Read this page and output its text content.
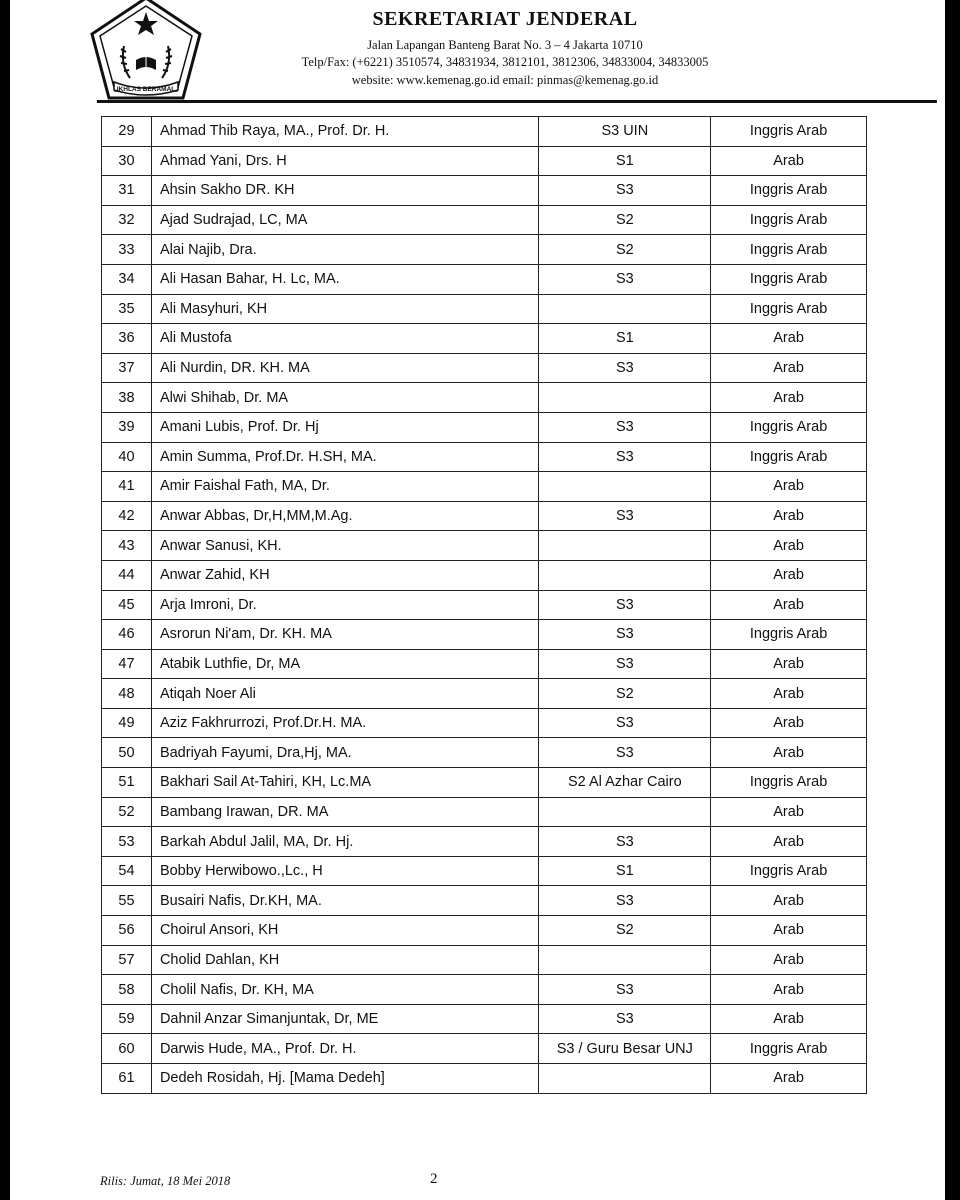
IKHLAS BERAMAL
SEKRETARIAT JENDERAL
Jalan Lapangan Banteng Barat No. 3 – 4 Jakarta 10710
Telp/Fax: (+6221) 3510574, 34831934, 3812101, 3812306, 34833004, 34833005
website: www.kemenag.go.id email: pinmas@kemenag.go.id
29	Ahmad Thib Raya, MA., Prof. Dr. H.	S3 UIN	Inggris Arab
30	Ahmad Yani, Drs. H	S1	Arab
31	Ahsin Sakho DR. KH	S3	Inggris Arab
32	Ajad Sudrajad, LC, MA	S2	Inggris Arab
33	Alai Najib, Dra.	S2	Inggris Arab
34	Ali Hasan Bahar, H. Lc, MA.	S3	Inggris Arab
35	Ali Masyhuri, KH		Inggris Arab
36	Ali Mustofa	S1	Arab
37	Ali Nurdin, DR. KH. MA	S3	Arab
38	Alwi Shihab, Dr. MA		Arab
39	Amani Lubis, Prof. Dr. Hj	S3	Inggris Arab
40	Amin Summa, Prof.Dr. H.SH, MA.	S3	Inggris Arab
41	Amir Faishal Fath, MA, Dr.		Arab
42	Anwar Abbas, Dr,H,MM,M.Ag.	S3	Arab
43	Anwar Sanusi, KH.		Arab
44	Anwar Zahid, KH		Arab
45	Arja Imroni, Dr.	S3	Arab
46	Asrorun Ni'am, Dr. KH. MA	S3	Inggris Arab
47	Atabik Luthfie, Dr, MA	S3	Arab
48	Atiqah Noer Ali	S2	Arab
49	Aziz Fakhrurrozi, Prof.Dr.H. MA.	S3	Arab
50	Badriyah Fayumi, Dra,Hj, MA.	S3	Arab
51	Bakhari Sail At-Tahiri, KH, Lc.MA	S2 Al Azhar Cairo	Inggris Arab
52	Bambang Irawan, DR. MA		Arab
53	Barkah Abdul Jalil, MA, Dr. Hj.	S3	Arab
54	Bobby Herwibowo.,Lc., H	S1	Inggris Arab
55	Busairi Nafis, Dr.KH, MA.	S3	Arab
56	Choirul Ansori, KH	S2	Arab
57	Cholid Dahlan, KH		Arab
58	Cholil Nafis, Dr. KH, MA	S3	Arab
59	Dahnil Anzar Simanjuntak, Dr, ME	S3	Arab
60	Darwis Hude, MA., Prof. Dr. H.	S3 / Guru Besar UNJ	Inggris Arab
61	Dedeh Rosidah, Hj. [Mama Dedeh]		Arab
Rilis: Jumat, 18 Mei 2018	2
